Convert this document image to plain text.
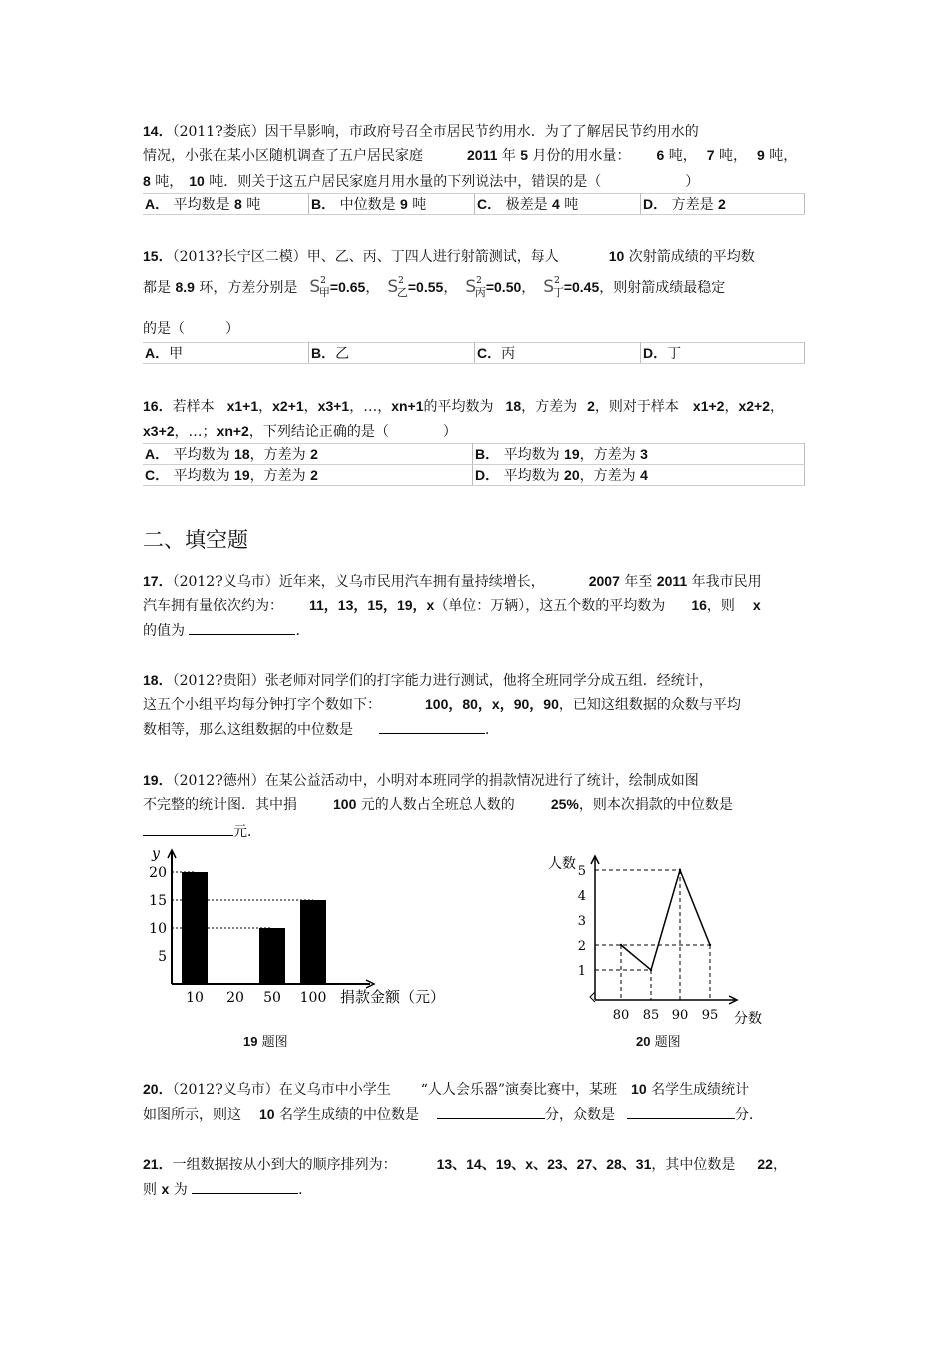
14．（2011?娄底）因干旱影响，市政府号召全市居民节约用水．为了了解居民节约用水的
情况，小张在某小区随机调查了五户居民家庭	2011 年 5 月份的用水量： 6 吨， 7 吨， 9 吨，
8 吨， 10 吨．则关于这五户居民家庭月用水量的下列说法中，错误的是（	）
A． 平均数是 8 吨	B． 中位数是 9 吨	C． 极差是 4 吨	D． 方差是 2
15．（2013?长宁区二模）甲、乙、丙、丁四人进行射箭测试，每人	10 次射箭成绩的平均数
都是 8.9 环，方差分别是 $S^2_甲=0.65$， $S^2_乙=0.55$， $S^2_丙=0.50$， $S^2_丁=0.45$，则射箭成绩最稳定
的是（	）
A．甲	B．乙	C．丙	D．丁
16．若样本 x1+1，x2+1，x3+1，…，xn+1的平均数为 18，方差为 2，则对于样本 x1+2，x2+2，
x3+2，…；xn+2，下列结论正确的是（	）
A． 平均数为 18，方差为 2	B． 平均数为 19，方差为 3
C． 平均数为 19，方差为 2	D． 平均数为 20，方差为 4
二、填空题
17．（2012?义乌市）近年来，义乌市民用汽车拥有量持续增长，	2007 年至 2011 年我市民用
汽车拥有量依次约为： 11，13，15，19，x（单位：万辆），这五个数的平均数为 16，则 x
的值为	．
18．（2012?贵阳）张老师对同学们的打字能力进行测试，他将全班同学分成五组．经统计，
这五个小组平均每分钟打字个数如下：	100，80，x，90，90，已知这组数据的众数与平均
数相等，那么这组数据的中位数是	．
19．（2012?德州）在某公益活动中，小明对本班同学的捐款情况进行了统计，绘制成如图
不完整的统计图．其中捐	100 元的人数占全班总人数的	25%，则本次捐款的中位数是
元．
y
5
10
15
20
10 20 50 100 捐款金额（元）
19 题图
人数
1
2
3
4
5
80 85 90 95 分数
20 题图
20．（2012?义乌市）在义乌市中小学生 “人人会乐器”演奏比赛中，某班 10 名学生成绩统计
如图所示，则这 10 名学生成绩的中位数是	分，众数是	分．
21．一组数据按从小到大的顺序排列为：	13、14、19、x、23、27、28、31，其中位数是 22，
则 x 为	．
